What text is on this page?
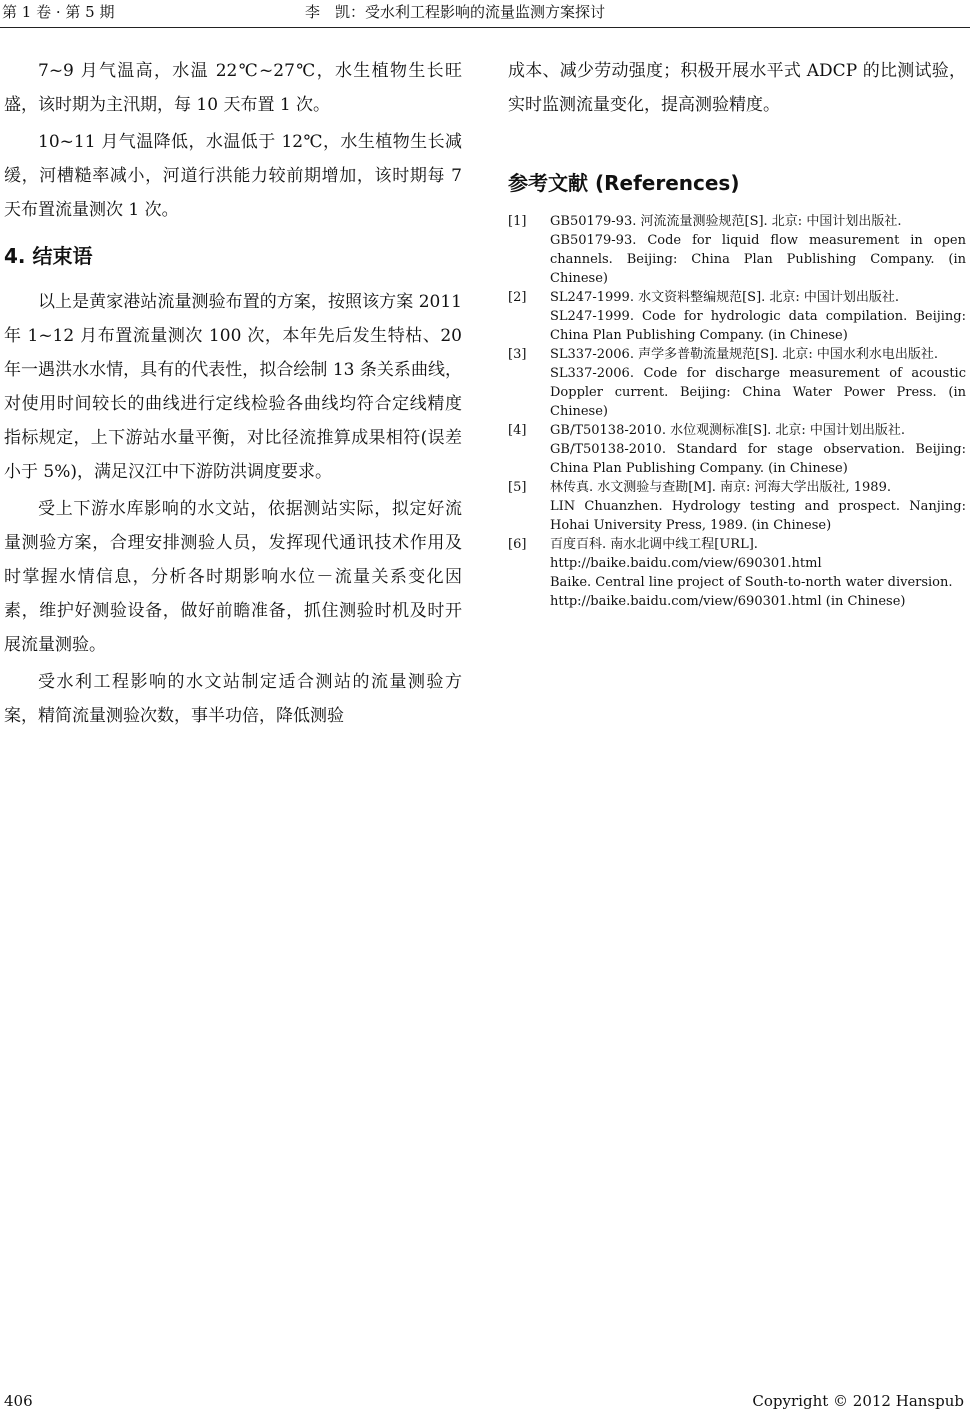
第 1 卷 · 第 5 期	李　凯：受水利工程影响的流量监测方案探讨

7~9 月气温高，水温 22℃~27℃，水生植物生长旺盛，该时期为主汛期，每 10 天布置 1 次。

10~11 月气温降低，水温低于 12℃，水生植物生长减缓，河槽糙率减小，河道行洪能力较前期增加，该时期每 7 天布置流量测次 1 次。

4. 结束语

以上是黄家港站流量测验布置的方案，按照该方案 2011 年 1~12 月布置流量测次 100 次，本年先后发生特枯、20 年一遇洪水水情，具有的代表性，拟合绘制 13 条关系曲线，对使用时间较长的曲线进行定线检验各曲线均符合定线精度指标规定，上下游站水量平衡，对比径流推算成果相符(误差小于 5%)，满足汉江中下游防洪调度要求。

受上下游水库影响的水文站，依据测站实际，拟定好流量测验方案，合理安排测验人员，发挥现代通讯技术作用及时掌握水情信息，分析各时期影响水位－流量关系变化因素，维护好测验设备，做好前瞻准备，抓住测验时机及时开展流量测验。

受水利工程影响的水文站制定适合测站的流量测验方案，精简流量测验次数，事半功倍，降低测验

成本、减少劳动强度；积极开展水平式 ADCP 的比测试验，实时监测流量变化，提高测验精度。

参考文献 (References)
[1] GB50179-93. 河流流量测验规范[S]. 北京: 中国计划出版社.
GB50179-93. Code for liquid flow measurement in open channels. Beijing: China Plan Publishing Company. (in Chinese)
[2] SL247-1999. 水文资料整编规范[S]. 北京: 中国计划出版社.
SL247-1999. Code for hydrologic data compilation. Beijing: China Plan Publishing Company. (in Chinese)
[3] SL337-2006. 声学多普勒流量规范[S]. 北京: 中国水利水电出版社.
SL337-2006. Code for discharge measurement of acoustic Doppler current. Beijing: China Water Power Press. (in Chinese)
[4] GB/T50138-2010. 水位观测标准[S]. 北京: 中国计划出版社.
GB/T50138-2010. Standard for stage observation. Beijing: China Plan Publishing Company. (in Chinese)
[5] 林传真. 水文测验与查勘[M]. 南京: 河海大学出版社, 1989.
LIN Chuanzhen. Hydrology testing and prospect. Nanjing: Hohai University Press, 1989. (in Chinese)
[6] 百度百科. 南水北调中线工程[URL].
http://baike.baidu.com/view/690301.html
Baike. Central line project of South-to-north water diversion.
http://baike.baidu.com/view/690301.html (in Chinese)
406	Copyright © 2012 Hanspub
